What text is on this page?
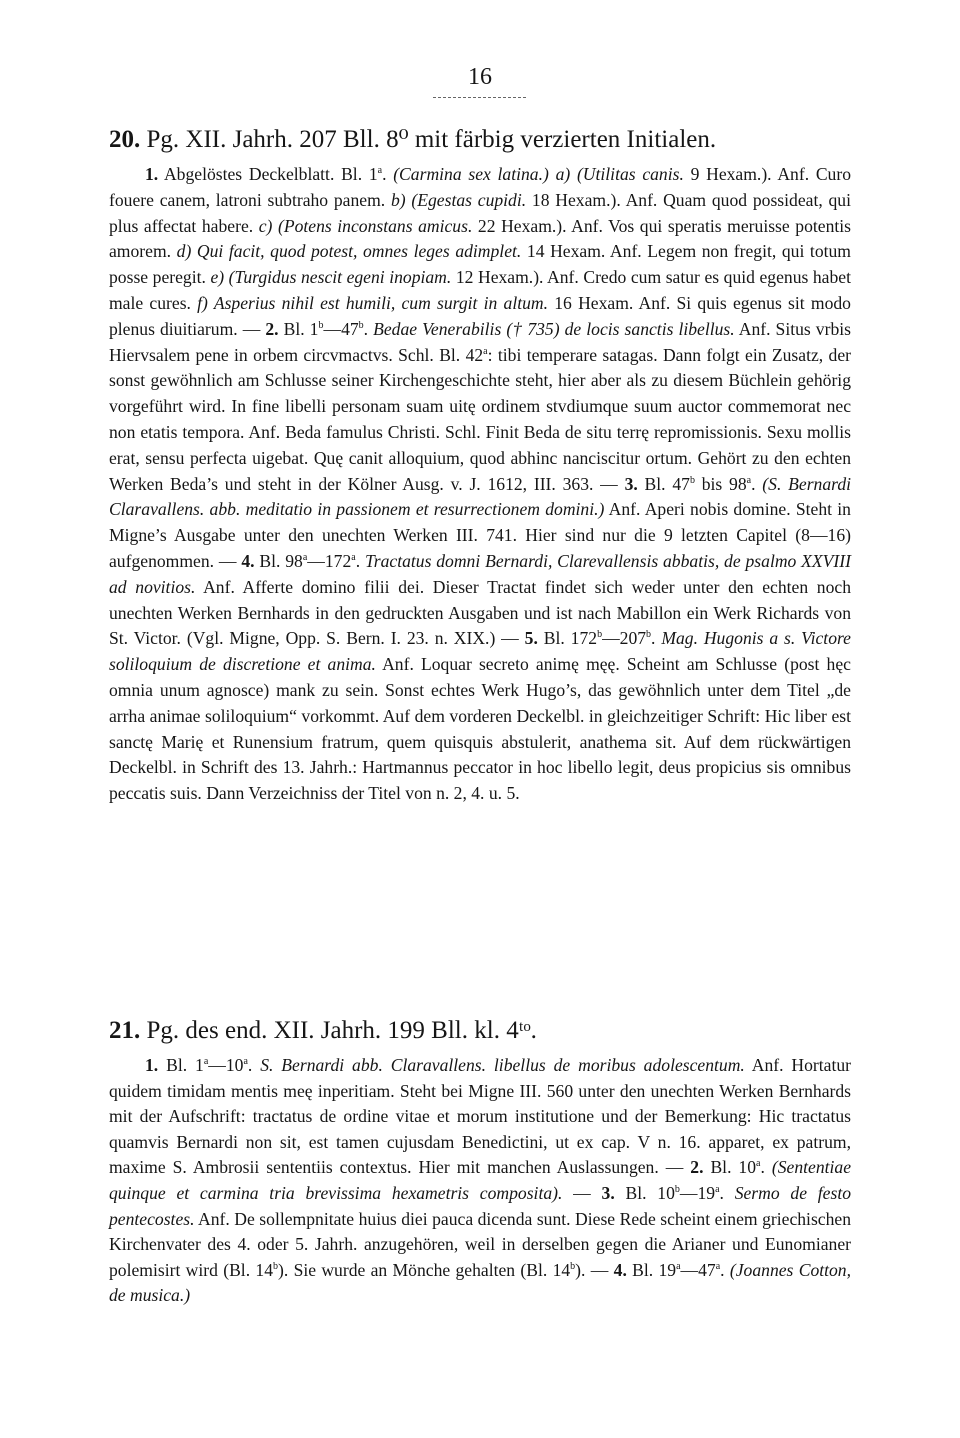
16
20. Pg. XII. Jahrh. 207 Bll. 8⁰ mit färbig verzierten Initialen.

1. Abgelöstes Deckelblatt. Bl. 1$^a$. (Carmina sex latina.) a) (Utilitas canis. 9 Hexam.). Anf. Curo fouere canem, latroni subtraho panem. b) (Egestas cupidi. 18 Hexam.). Anf. Quam quod possideat, qui plus affectat habere. c) (Potens inconstans amicus. 22 Hexam.). Anf. Vos qui speratis meruisse potentis amorem. d) Qui facit, quod potest, omnes leges adimplet. 14 Hexam. Anf. Legem non fregit, qui totum posse peregit. e) (Turgidus nescit egeni inopiam. 12 Hexam.). Anf. Credo cum satur es quid egenus habet male cures. f) Asperius nihil est humili, cum surgit in altum. 16 Hexam. Anf. Si quis egenus sit modo plenus diuitiarum. — 2. Bl. 1$^b$—47$^b$. Bedae Venerabilis († 735) de locis sanctis libellus. Anf. Situs vrbis Hiervsalem pene in orbem circvmactvs. Schl. Bl. 42$^a$: tibi temperare satagas. Dann folgt ein Zusatz, der sonst gewöhnlich am Schlusse seiner Kirchengeschichte steht, hier aber als zu diesem Büchlein gehörig vorgeführt wird. In fine libelli personam suam uitę ordinem stvdiumque suum auctor commemorat nec non etatis tempora. Anf. Beda famulus Christi. Schl. Finit Beda de situ terrę repromissionis. Sexu mollis erat, sensu perfecta uigebat. Quę canit alloquium, quod abhinc nanciscitur ortum. Gehört zu den echten Werken Beda’s und steht in der Kölner Ausg. v. J. 1612, III. 363. — 3. Bl. 47$^b$ bis 98$^a$. (S. Bernardi Claravallens. abb. meditatio in passionem et resurrectionem domini.) Anf. Aperi nobis domine. Steht in Migne’s Ausgabe unter den unechten Werken III. 741. Hier sind nur die 9 letzten Capitel (8—16) aufgenommen. — 4. Bl. 98$^a$—172$^a$. Tractatus domni Bernardi, Clarevallensis abbatis, de psalmo XXVIII ad novitios. Anf. Afferte domino filii dei. Dieser Tractat findet sich weder unter den echten noch unechten Werken Bernhards in den gedruckten Ausgaben und ist nach Mabillon ein Werk Richards von St. Victor. (Vgl. Migne, Opp. S. Bern. I. 23. n. XIX.) — 5. Bl. 172$^b$—207$^b$. Mag. Hugonis a s. Victore soliloquium de discretione et anima. Anf. Loquar secreto animę męę. Scheint am Schlusse (post hęc omnia unum agnosce) mank zu sein. Sonst echtes Werk Hugo’s, das gewöhnlich unter dem Titel „de arrha animae soliloquium“ vorkommt. Auf dem vorderen Deckelbl. in gleichzeitiger Schrift: Hic liber est sanctę Marię et Runensium fratrum, quem quisquis abstulerit, anathema sit. Auf dem rückwärtigen Deckelbl. in Schrift des 13. Jahrh.: Hartmannus peccator in hoc libello legit, deus propicius sis omnibus peccatis suis. Dann Verzeichniss der Titel von n. 2, 4. u. 5.

21. Pg. des end. XII. Jahrh. 199 Bll. kl. 4ᵗᵒ.

1. Bl. 1$^a$—10$^a$. S. Bernardi abb. Claravallens. libellus de moribus adolescentum. Anf. Hortatur quidem timidam mentis meę inperitiam. Steht bei Migne III. 560 unter den unechten Werken Bernhards mit der Aufschrift: tractatus de ordine vitae et morum institutione und der Bemerkung: Hic tractatus quamvis Bernardi non sit, est tamen cujusdam Benedictini, ut ex cap. V n. 16. apparet, ex patrum, maxime S. Ambrosii sententiis contextus. Hier mit manchen Auslassungen. — 2. Bl. 10$^a$. (Sententiae quinque et carmina tria brevissima hexametris composita). — 3. Bl. 10$^b$—19$^a$. Sermo de festo pentecostes. Anf. De sollempnitate huius diei pauca dicenda sunt. Diese Rede scheint einem griechischen Kirchenvater des 4. oder 5. Jahrh. anzugehören, weil in derselben gegen die Arianer und Eunomianer polemisirt wird (Bl. 14$^b$). Sie wurde an Mönche gehalten (Bl. 14$^b$). — 4. Bl. 19$^a$—47$^a$. (Joannes Cotton, de musica.)
